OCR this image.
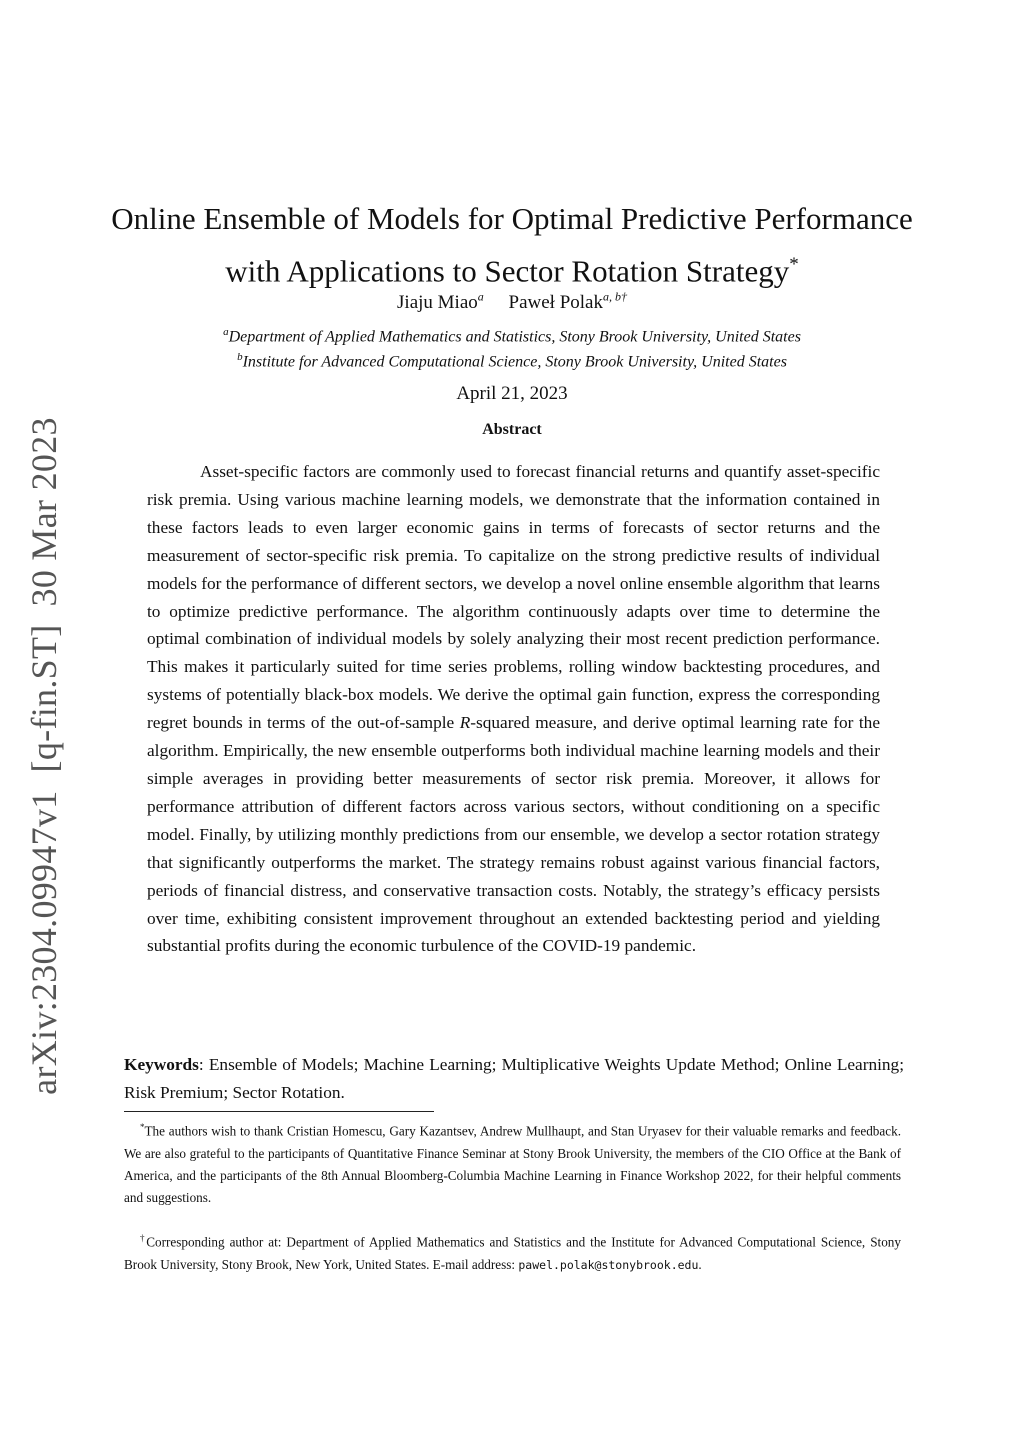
arXiv:2304.09947v1[q-fin.ST]30 Mar 2023
Online Ensemble of Models for Optimal Predictive Performance
with Applications to Sector Rotation Strategy*
Jiaju Miao$^a$ Paweł Polak$^{a, b\dagger}$
$^a$Department of Applied Mathematics and Statistics, Stony Brook University, United States
$^b$Institute for Advanced Computational Science, Stony Brook University, United States
April 21, 2023
Abstract

Asset-specific factors are commonly used to forecast financial returns and quantify asset-specific risk premia. Using various machine learning models, we demonstrate that the information contained in these factors leads to even larger economic gains in terms of forecasts of sector returns and the measurement of sector-specific risk premia. To capitalize on the strong predictive results of individual models for the performance of different sectors, we develop a novel online ensemble algorithm that learns to optimize predictive performance. The algorithm continuously adapts over time to determine the optimal combination of individual models by solely analyzing their most recent prediction performance. This makes it particularly suited for time series problems, rolling window backtesting procedures, and systems of potentially black-box models. We derive the optimal gain function, express the corresponding regret bounds in terms of the out-of-sample R-squared measure, and derive optimal learning rate for the algorithm. Empirically, the new ensemble outperforms both individual machine learning models and their simple averages in providing better measurements of sector risk premia. Moreover, it allows for performance attribution of different factors across various sectors, without conditioning on a specific model. Finally, by utilizing monthly predictions from our ensemble, we develop a sector rotation strategy that significantly outperforms the market. The strategy remains robust against various financial factors, periods of financial distress, and conservative transaction costs. Notably, the strategy’s efficacy persists over time, exhibiting consistent improvement throughout an extended backtesting period and yielding substantial profits during the economic turbulence of the COVID-19 pandemic.

Keywords: Ensemble of Models; Machine Learning; Multiplicative Weights Update Method; Online Learning; Risk Premium; Sector Rotation.

*The authors wish to thank Cristian Homescu, Gary Kazantsev, Andrew Mullhaupt, and Stan Uryasev for their valuable remarks and feedback. We are also grateful to the participants of Quantitative Finance Seminar at Stony Brook University, the members of the CIO Office at the Bank of America, and the participants of the 8th Annual Bloomberg-Columbia Machine Learning in Finance Workshop 2022, for their helpful comments and suggestions.

†Corresponding author at: Department of Applied Mathematics and Statistics and the Institute for Advanced Computational Science, Stony Brook University, Stony Brook, New York, United States. E-mail address: pawel.polak@stonybrook.edu.
